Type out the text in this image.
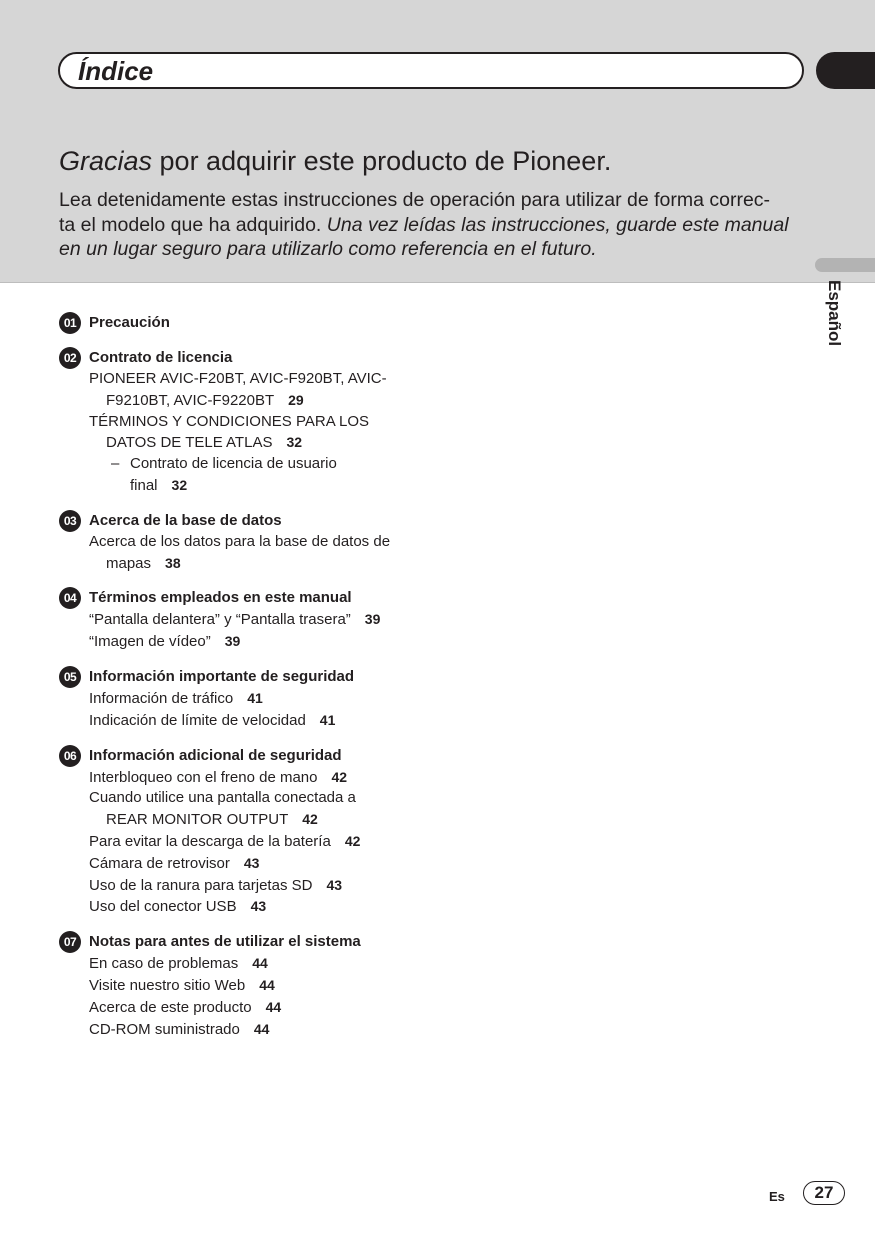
Índice
Gracias por adquirir este producto de Pioneer.

Lea detenidamente estas instrucciones de operación para utilizar de forma correc-

ta el modelo que ha adquirido. Una vez leídas las instrucciones, guarde este manual

en un lugar seguro para utilizarlo como referencia en el futuro.

Español
01 Precaución
02 Contrato de licencia
PIONEER AVIC-F20BT, AVIC-F920BT, AVIC-
F9210BT, AVIC-F9220BT 29
TÉRMINOS Y CONDICIONES PARA LOS
DATOS DE TELE ATLAS 32
– Contrato de licencia de usuario
final 32
03 Acerca de la base de datos
Acerca de los datos para la base de datos de
mapas 38
04 Términos empleados en este manual
“Pantalla delantera” y “Pantalla trasera” 39
“Imagen de vídeo” 39
05 Información importante de seguridad
Información de tráfico 41
Indicación de límite de velocidad 41
06 Información adicional de seguridad
Interbloqueo con el freno de mano 42
Cuando utilice una pantalla conectada a
REAR MONITOR OUTPUT 42
Para evitar la descarga de la batería 42
Cámara de retrovisor 43
Uso de la ranura para tarjetas SD 43
Uso del conector USB 43
07 Notas para antes de utilizar el sistema
En caso de problemas 44
Visite nuestro sitio Web 44
Acerca de este producto 44
CD-ROM suministrado 44
Es	27
